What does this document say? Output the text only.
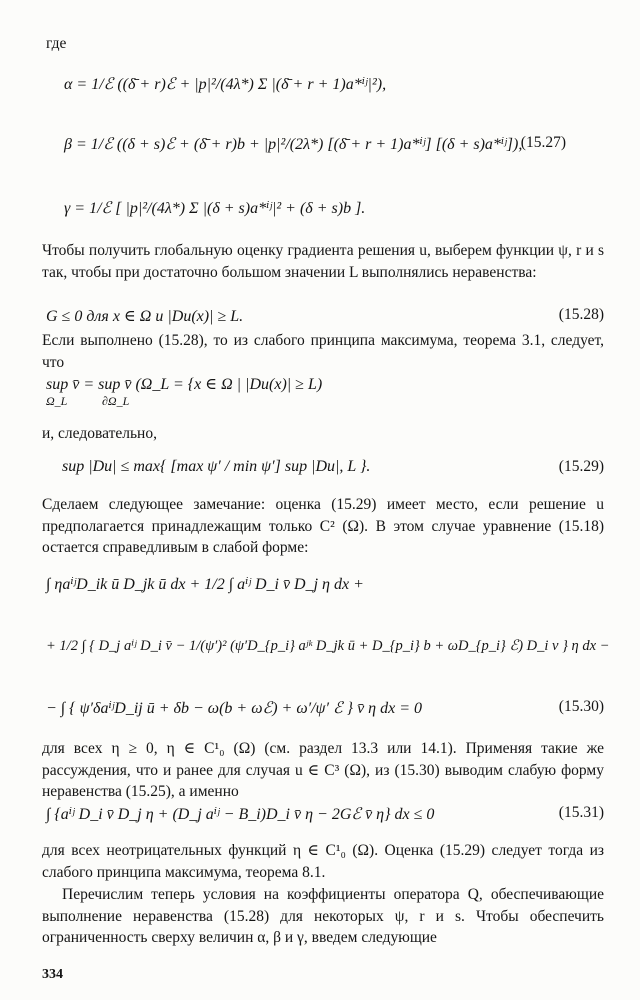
где
α = 1/ℰ ((δ̄ + r)ℰ + |p|²/(4λ*) Σ |(δ̄ + r + 1)a*ⁱʲ|²),
β = 1/ℰ ((δ + s)ℰ + (δ̄ + r)b + |p|²/(2λ*) [(δ̄ + r + 1)a*ⁱʲ] [(δ + s)a*ⁱʲ]),
(15.27)
γ = 1/ℰ [ |p|²/(4λ*) Σ |(δ + s)a*ⁱʲ|² + (δ + s)b ].
Чтобы получить глобальную оценку градиента решения u, выберем функции ψ, r и s так, чтобы при достаточно большом значении L выполнялись неравенства:
G ≤ 0 для x ∈ Ω и |Du(x)| ≥ L.	(15.28)
Если выполнено (15.28), то из слабого принципа максимума, теорема 3.1, следует, что
sup v̄ = sup v̄ (Ω_L = {x ∈ Ω | |Du(x)| ≥ L)
Ω_L	∂Ω_L
и, следовательно,
sup |Du| ≤ max{ [max ψ′ / min ψ′] sup |Du|, L }.	(15.29)
Сделаем следующее замечание: оценка (15.29) имеет место, если решение u предполагается принадлежащим только C² (Ω). В этом случае уравнение (15.18) остается справедливым в слабой форме:
∫ ηaⁱʲD_ik ū D_jk ū dx + 1/2 ∫ aⁱʲ D_i v̄ D_j η dx +
+ 1/2 ∫ { D_j aⁱʲ D_i v̄ − 1/(ψ′)² (ψ′D_{p_i} aʲᵏ D_jk ū + D_{p_i} b + ωD_{p_i} ℰ) D_i v } η dx −
− ∫ { ψ′δaⁱʲD_ij ū + δb − ω(b + ωℰ) + ω′/ψ′ ℰ } v̄ η dx = 0	(15.30)
для всех η ≥ 0, η ∈ C¹₀ (Ω) (см. раздел 13.3 или 14.1). Применяя такие же рассуждения, что и ранее для случая u ∈ C³ (Ω), из (15.30) выводим слабую форму неравенства (15.25), а именно
∫ {aⁱʲ D_i v̄ D_j η + (D_j aⁱʲ − B_i)D_i v̄ η − 2Gℰ v̄ η} dx ≤ 0	(15.31)
для всех неотрицательных функций η ∈ C¹₀ (Ω). Оценка (15.29) следует тогда из слабого принципа максимума, теорема 8.1.
Перечислим теперь условия на коэффициенты оператора Q, обеспечивающие выполнение неравенства (15.28) для некоторых ψ, r и s. Чтобы обеспечить ограниченность сверху величин α, β и γ, введем следующие
334
